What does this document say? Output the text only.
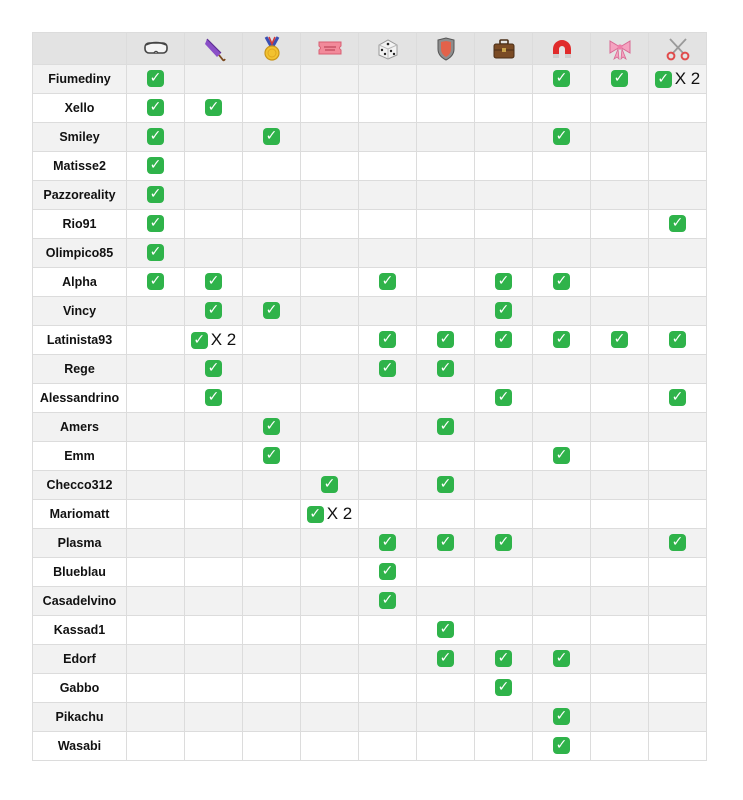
Fiumediny	✓							✓	✓	✓ X 2
Xello	✓	✓								
Smiley	✓		✓					✓		
Matisse2	✓									
Pazzoreality	✓									
Rio91	✓									✓
Olimpico85	✓									
Alpha	✓	✓			✓		✓	✓		
Vincy		✓	✓				✓			
Latinista93		✓ X 2			✓	✓	✓	✓	✓	✓
Rege		✓			✓	✓				
Alessandrino		✓					✓			✓
Amers			✓			✓				
Emm			✓					✓		
Checco312				✓		✓				
Mariomatt				✓ X 2						
Plasma					✓	✓	✓			✓
Blueblau					✓					
Casadelvino					✓					
Kassad1						✓				
Edorf						✓	✓	✓		
Gabbo							✓			
Pikachu								✓		
Wasabi								✓		
